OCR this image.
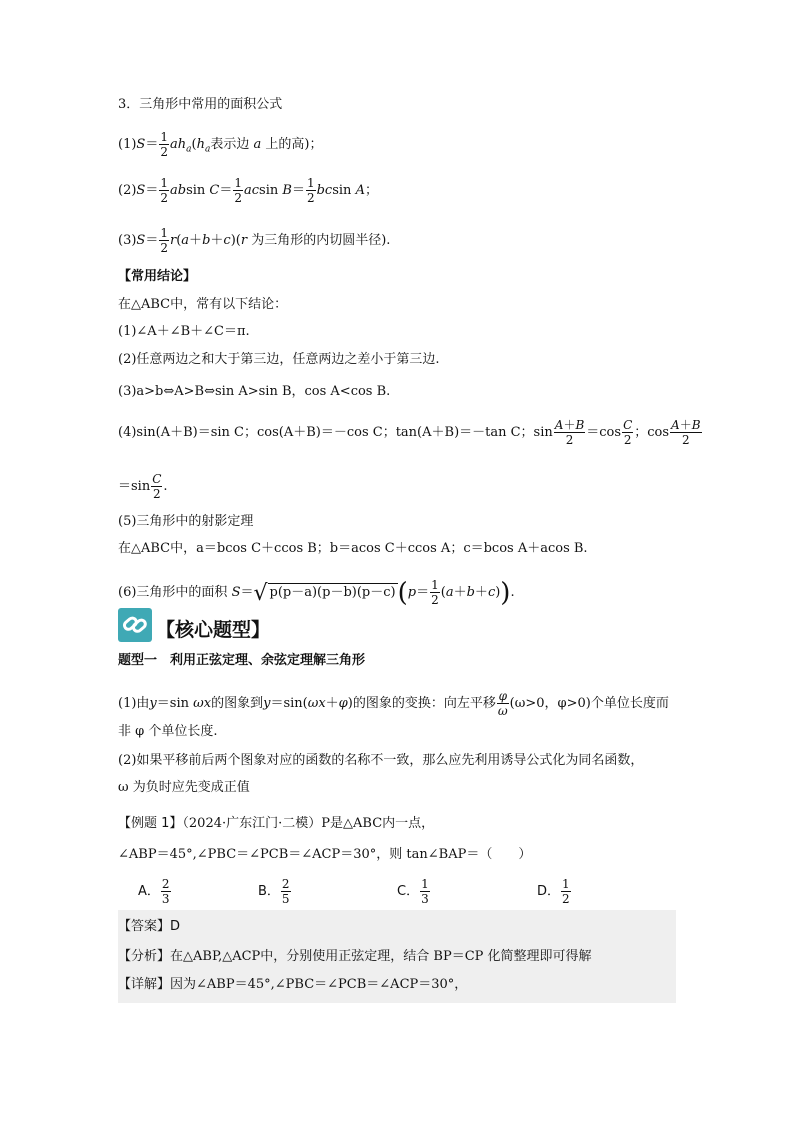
3．三角形中常用的面积公式
$(1)S= \frac{1}{2} ah_a(h_a$表示边 a 上的高)；
$(2)S= \frac{1}{2}$ absin $C= \frac{1}{2}$ acsin $B= \frac{1}{2}$ bcsin A；
$(3)S= \frac{1}{2} r(a+b+c)(r$ 为三角形的内切圆半径).
【常用结论】
在△ABC中，常有以下结论：
(1)∠A＋∠B＋∠C＝π.
(2)任意两边之和大于第三边，任意两边之差小于第三边.
(3)a>b⇔A>B⇔sin A>sin B，cos A<cos B.
(4)sin(A＋B)＝sin C；cos(A＋B)＝－cos C；tan(A＋B)＝－tan C；$\sin \frac{A+B}{2} =\cos \frac{C}{2}$ ；$\cos \frac{A+B}{2}$
$=\sin \frac{C}{2}$ .
(5)三角形中的射影定理
在△ABC中，a＝bcos C＋ccos B；b＝acos C＋ccos A；c＝bcos A＋acos B.
(6)三角形中的面积 S＝√ $p(p-a)(p-b)(p-c)(p= \frac{1}{2} (a+b+c))$.
【核心题型】
题型一　利用正弦定理、余弦定理解三角形
(1)由y＝sin ωx的图象到y＝sin(ωx＋φ)的图象的变换：向左平移 $\frac{\varphi}{\omega} (\omega>0$，φ>0)个单位长度而
非 φ 个单位长度.
(2)如果平移前后两个图象对应的函数的名称不一致，那么应先利用诱导公式化为同名函数，
ω 为负时应先变成正值
【例题 1】（2024·广东江门·二模）P是△ABC内一点，
∠ABP＝45°,∠PBC＝∠PCB＝∠ACP＝30°，则 tan∠BAP＝（　　）
A． $\frac{2}{3}$	B． $\frac{2}{5}$	C． $\frac{1}{3}$	D． $\frac{1}{2}$
【答案】D
【分析】在△ABP,△ACP中，分别使用正弦定理，结合 BP＝CP 化简整理即可得解
【详解】因为∠ABP＝45°,∠PBC＝∠PCB＝∠ACP＝30°，
